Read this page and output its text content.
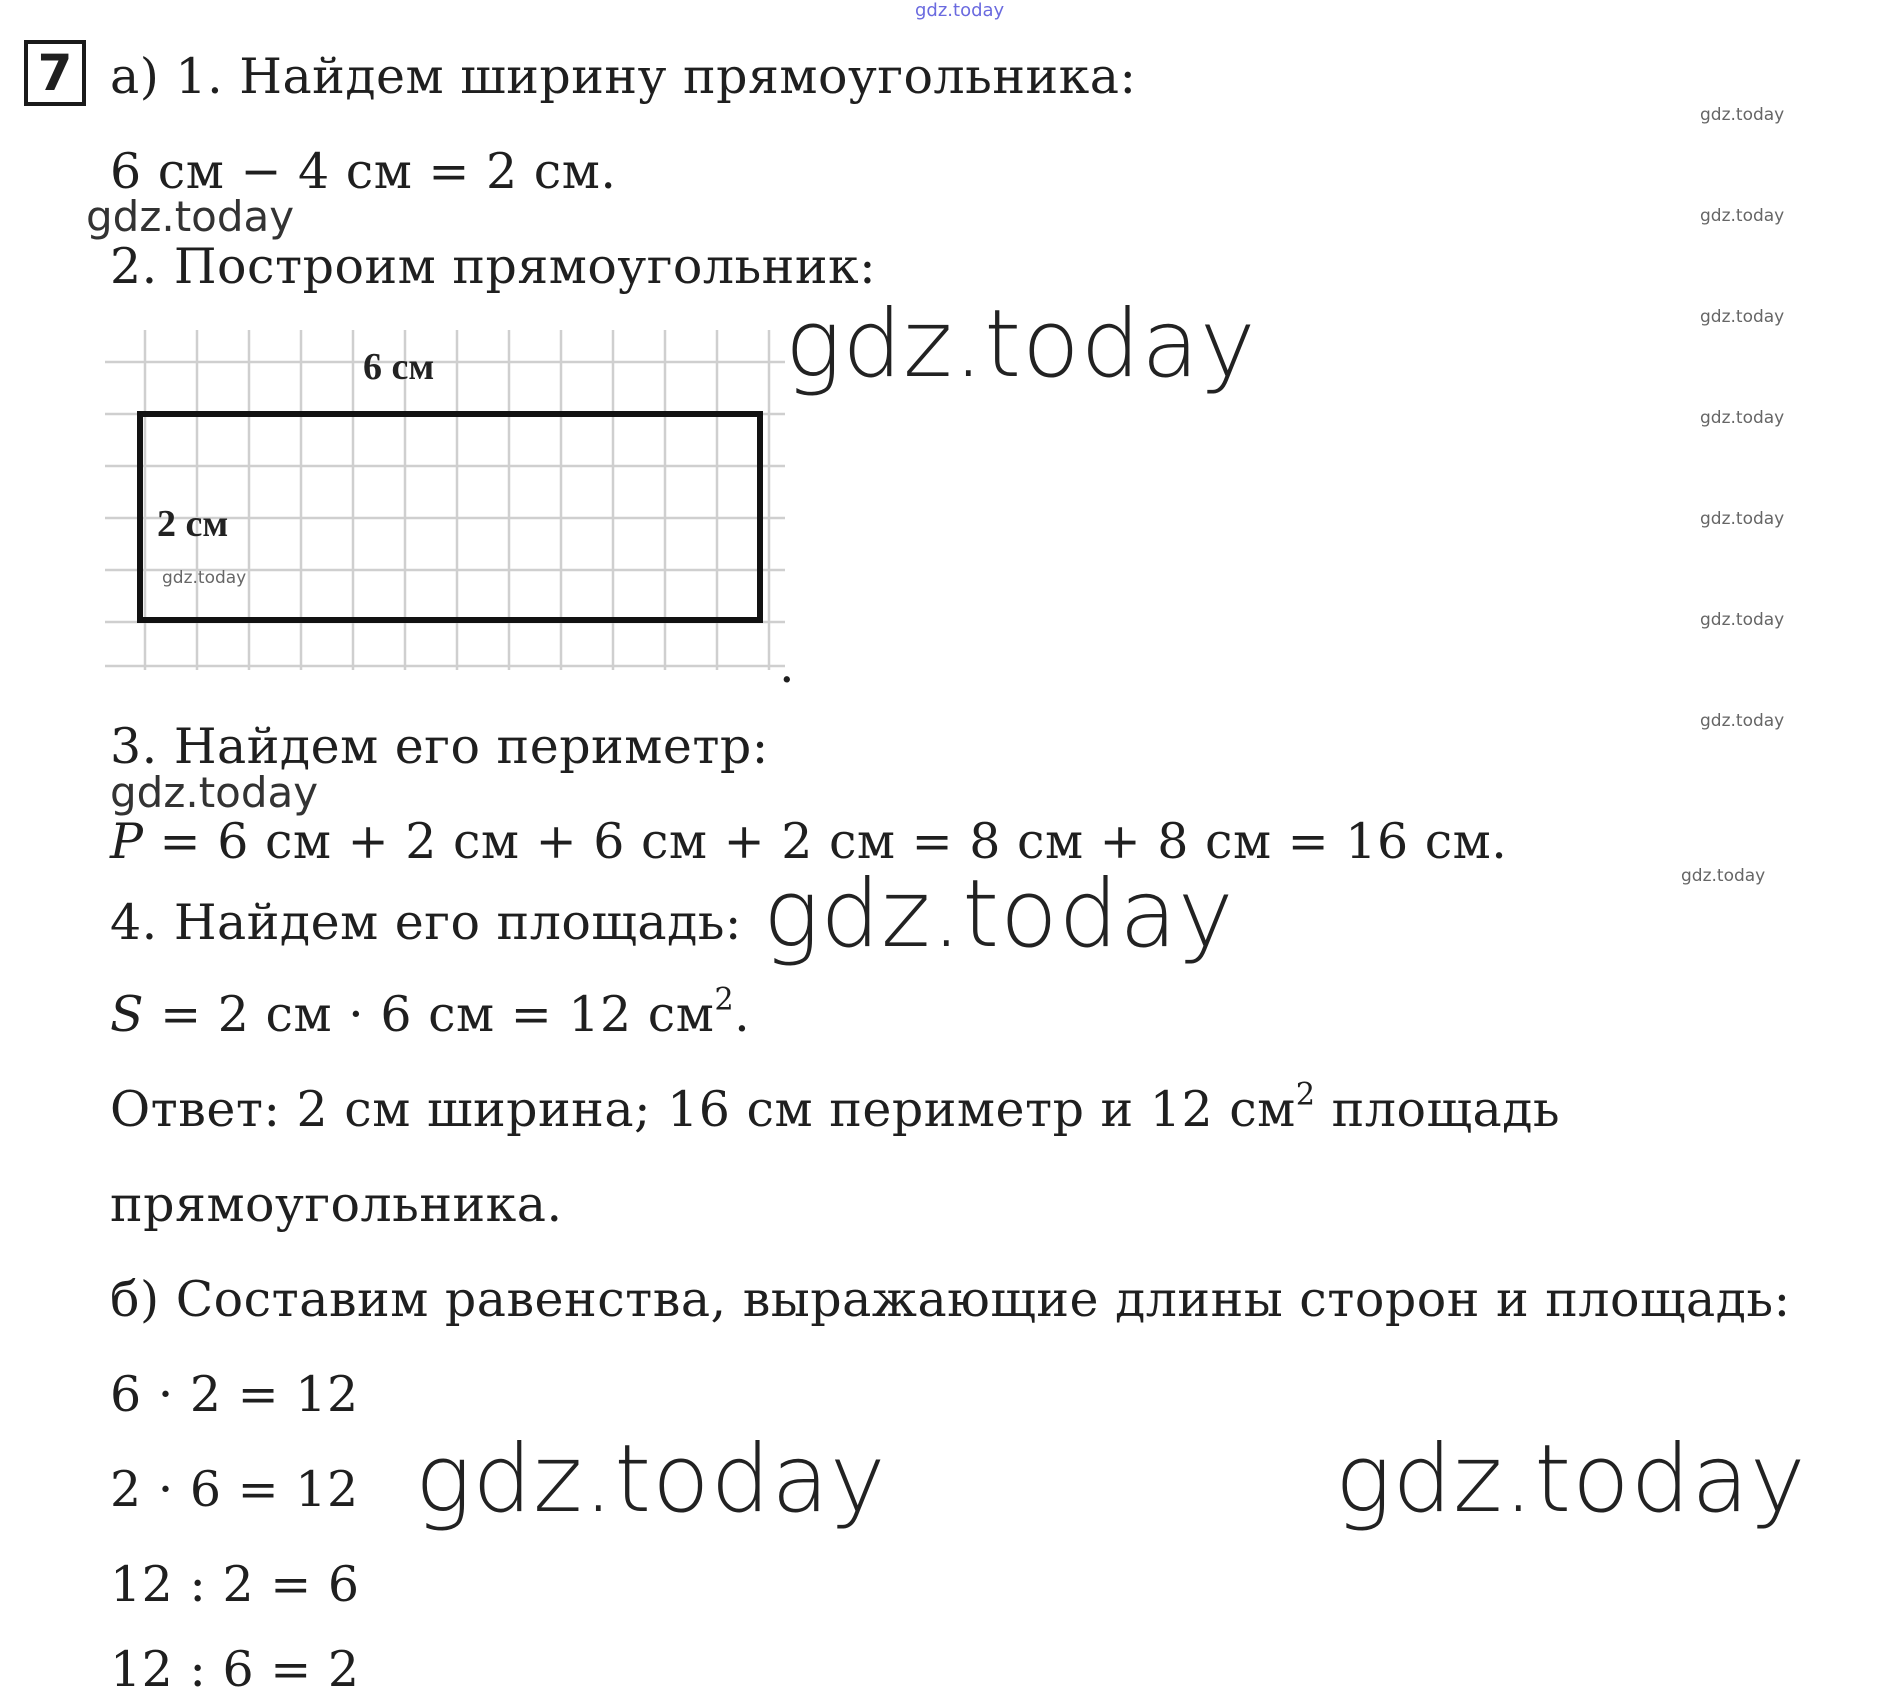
gdz.today
7 а) 1. Найдем ширину прямоугольника:
6 см − 4 см = 2 см.
2. Построим прямоугольник:
6 см
2 см
gdz.today
.
3. Найдем его периметр:
P = 6 см + 2 см + 6 см + 2 см = 8 см + 8 см = 16 см.
4. Найдем его площадь:
S = 2 см · 6 см = 12 $см^2$.
Ответ: 2 см ширина; 16 см периметр и 12 $см^2$ площадь
прямоугольника.
б) Составим равенства, выражающие длины сторон и площадь:
6 · 2 = 12
2 · 6 = 12
12 : 2 = 6
12 : 6 = 2
gdz.today
gdz.today
gdz.today	gdz.today
gdz.today
gdz.today
gdz.today
gdz.today
gdz.today
gdz.today
gdz.today
gdz.today
gdz.today
gdz.today
